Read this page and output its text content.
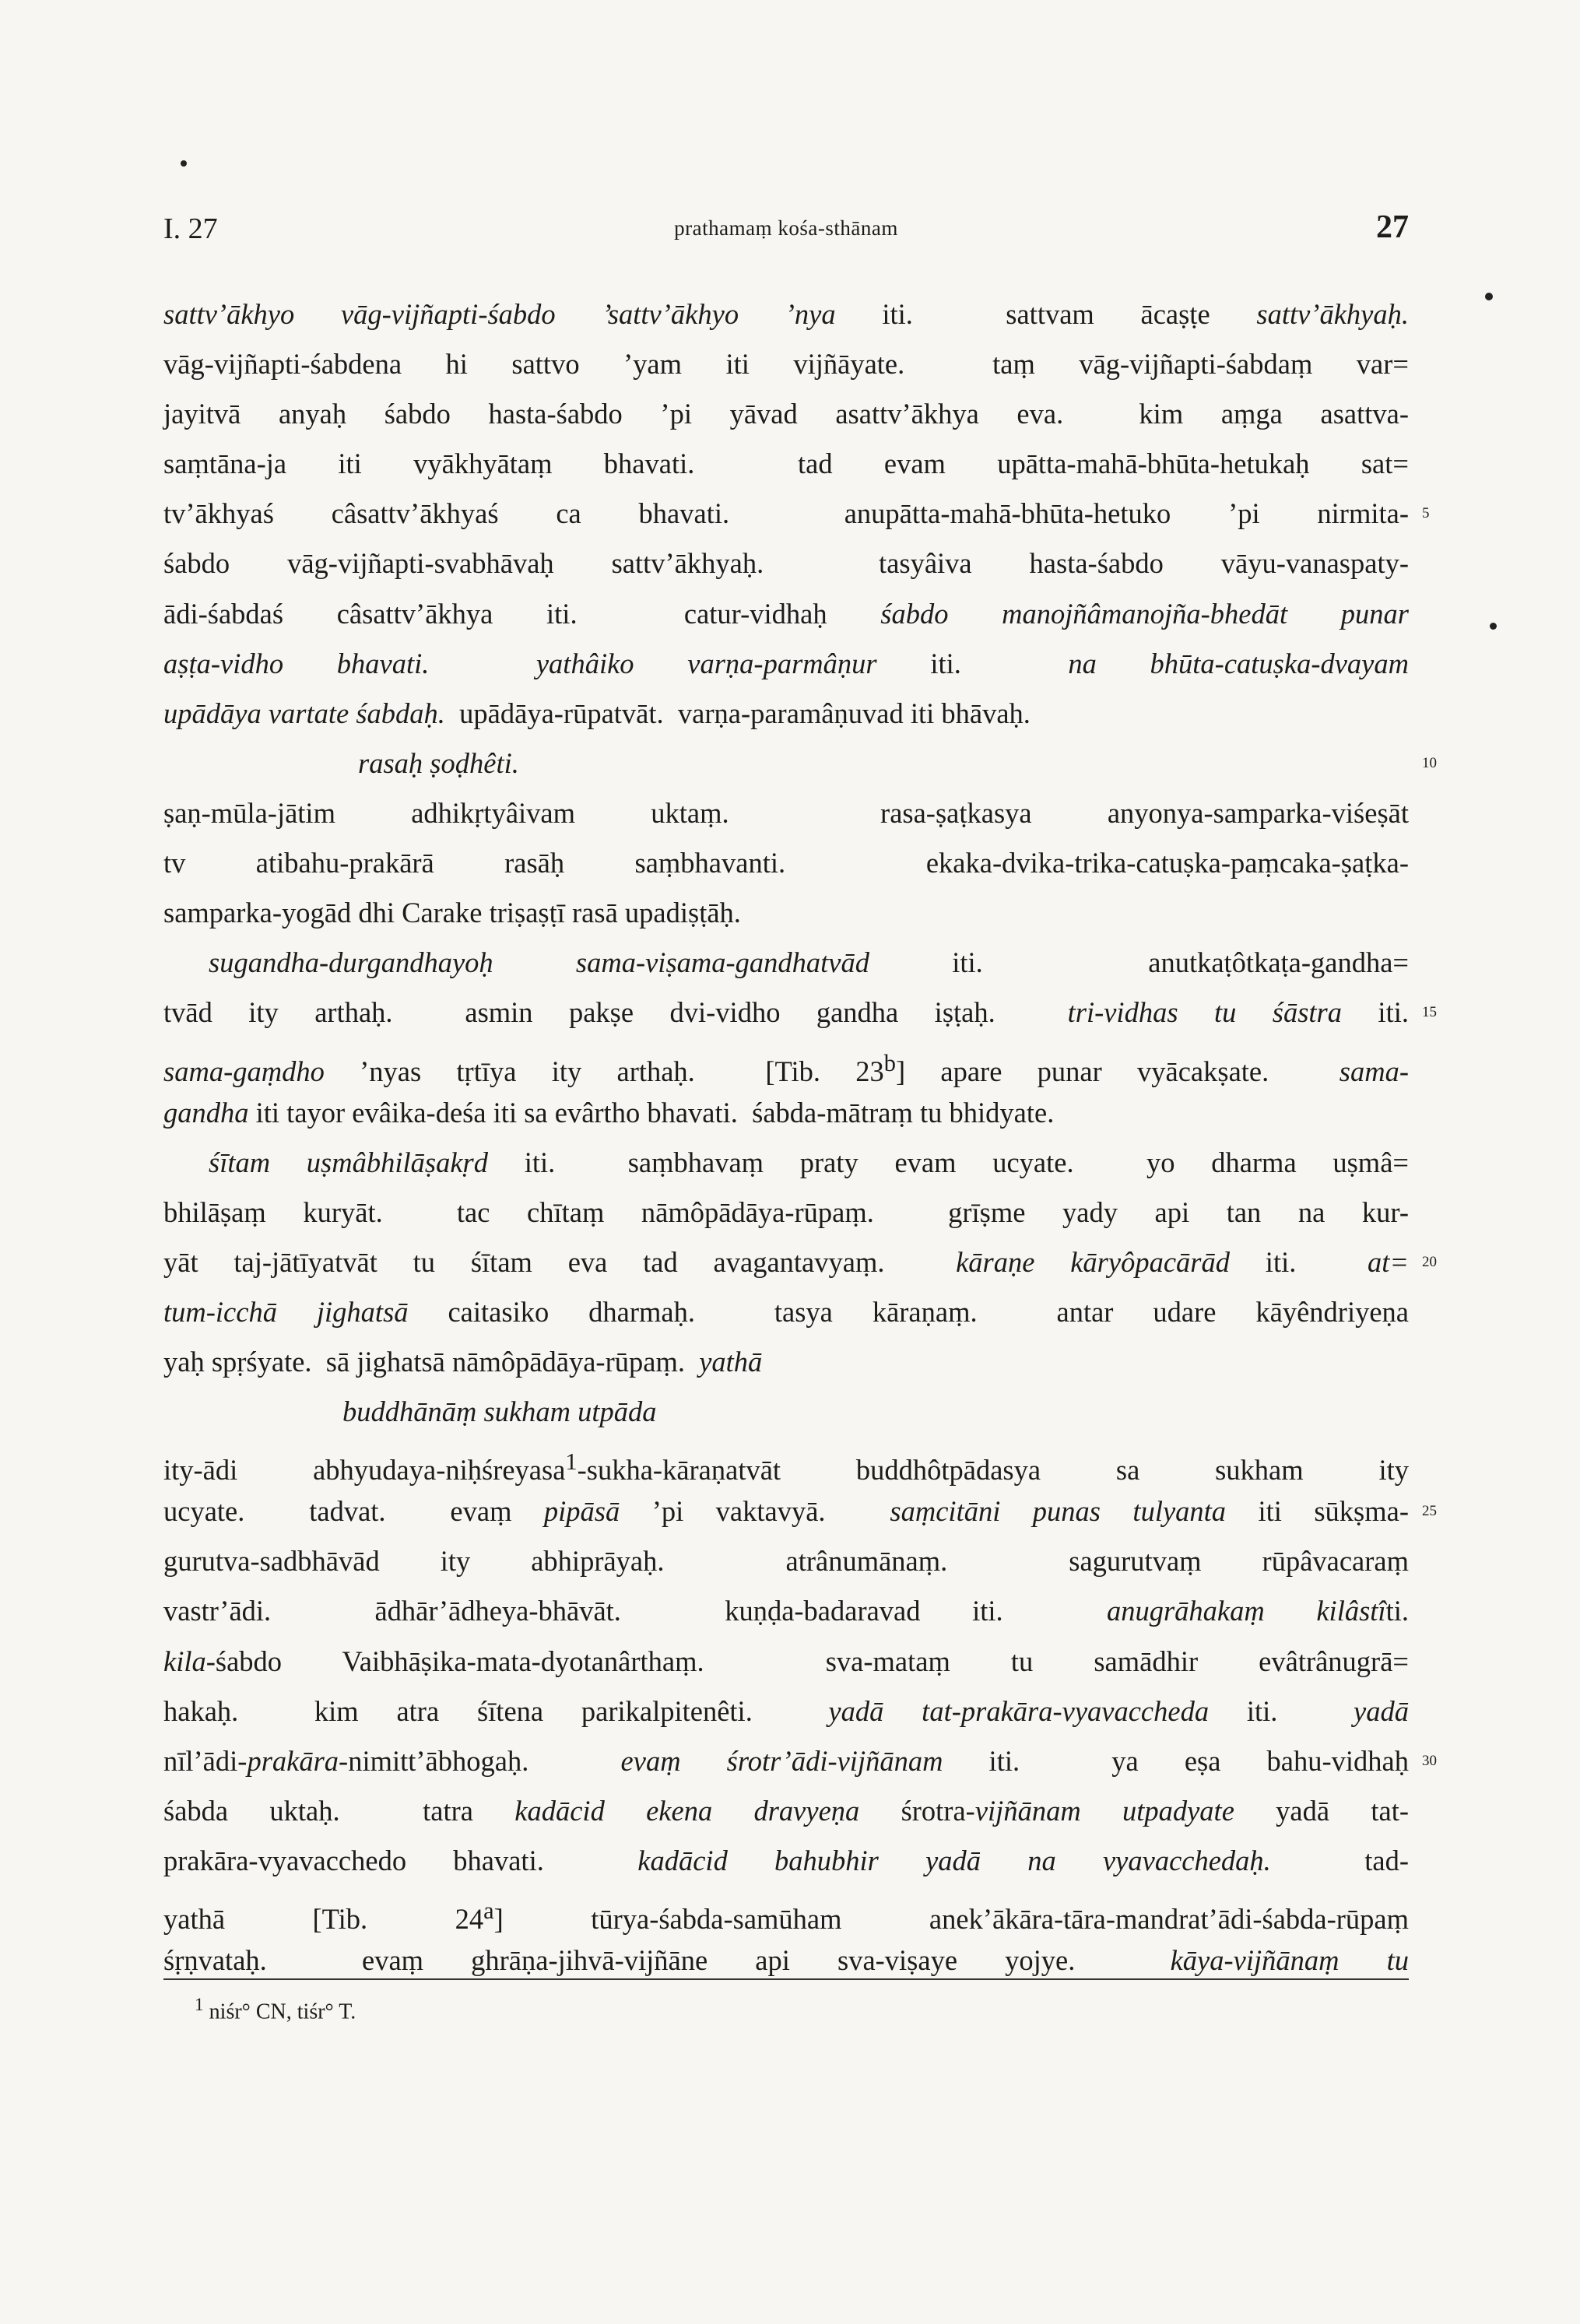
I. 27	prathamaṃ kośa-sthānam	27
sattv’ākhyo vāg-vijñapti-śabdo ’sattv’ākhyo ’nya iti.  sattvam ācaṣṭe sattv’ākhyaḥ.
vāg-vijñapti-śabdena hi sattvo ’yam iti vijñāyate.  taṃ vāg-vijñapti-śabdaṃ var=
jayitvā anyaḥ śabdo hasta-śabdo ’pi yāvad asattv’ākhya eva.  kim aṃga asattva-
saṃtāna-ja iti vyākhyātaṃ bhavati.  tad evam upātta-mahā-bhūta-hetukaḥ sat=
tv’ākhyaś câsattv’ākhyaś ca bhavati.  anupātta-mahā-bhūta-hetuko ’pi nirmita- 5
śabdo vāg-vijñapti-svabhāvaḥ sattv’ākhyaḥ.  tasyâiva hasta-śabdo vāyu-vanaspaty-
ādi-śabdaś câsattv’ākhya iti.  catur-vidhaḥ śabdo manojñâmanojña-bhedāt punar
aṣṭa-vidho bhavati.	yathâiko varṇa-parmâṇur iti.  na bhūta-catuṣka-dvayam
upādāya vartate śabdaḥ.  upādāya-rūpatvāt.  varṇa-paramâṇuvad iti bhāvaḥ.
rasaḥ ṣoḍhêti.	10
ṣaṇ-mūla-jātim adhikṛtyâivam uktaṃ.  rasa-ṣaṭkasya anyonya-samparka-viśeṣāt
tv atibahu-prakārā rasāḥ saṃbhavanti.  ekaka-dvika-trika-catuṣka-paṃcaka-ṣaṭka-
samparka-yogād dhi Carake triṣaṣṭī rasā upadiṣṭāḥ.
sugandha-durgandhayoḥ sama-viṣama-gandhatvād iti.  anutkaṭôtkaṭa-gandha=
tvād ity arthaḥ.  asmin pakṣe dvi-vidho gandha iṣṭaḥ.  tri-vidhas tu śāstra iti. 15
sama-gaṃdho ’nyas tṛtīya ity arthaḥ.  [Tib. 23$^b$] apare punar vyācakṣate.  sama-
gandha iti tayor evâika-deśa iti sa evârtho bhavati.  śabda-mātraṃ tu bhidyate.
śītam uṣmâbhilāṣakṛd iti.  saṃbhavaṃ praty evam ucyate.  yo dharma uṣmâ=
bhilāṣaṃ kuryāt.  tac chītaṃ nāmôpādāya-rūpaṃ.  grīṣme yady api tan na kur-
yāt taj-jātīyatvāt tu śītam eva tad avagantavyaṃ.  kāraṇe kāryôpacārād iti.  at= 20
tum-icchā jighatsā caitasiko dharmaḥ.  tasya kāraṇaṃ.  antar udare kāyêndriyeṇa
yaḥ spṛśyate.  sā jighatsā nāmôpādāya-rūpaṃ.  yathā
buddhānāṃ sukham utpāda
ity-ādi abhyudaya-niḥśreyasa$^1$-sukha-kāraṇatvāt buddhôtpādasya sa sukham ity
ucyate.  tadvat.  evaṃ pipāsā ’pi vaktavyā.  saṃcitāni punas tulyanta iti sūkṣma- 25
gurutva-sadbhāvād ity abhiprāyaḥ.  atrânumānaṃ.  sagurutvaṃ rūpâvacaraṃ
vastr’ādi.  ādhār’ādheya-bhāvāt.  kuṇḍa-badaravad iti.  anugrāhakaṃ kilâstîti.
kila-śabdo Vaibhāṣika-mata-dyotanârthaṃ.  sva-mataṃ tu samādhir evâtrânugrā=
hakaḥ.  kim atra śītena parikalpitenêti.  yadā tat-prakāra-vyavaccheda iti.  yadā
nīl’ādi-prakāra-nimitt’ābhogaḥ.  evaṃ śrotr’ādi-vijñānam iti.  ya eṣa bahu-vidhaḥ 30
śabda uktaḥ.  tatra kadācid ekena dravyeṇa śrotra-vijñānam utpadyate yadā tat-
prakāra-vyavacchedo bhavati.  kadācid bahubhir yadā na vyavacchedaḥ.  tad-
yathā [Tib. 24$^a$] tūrya-śabda-samūham anek’ākāra-tāra-mandrat’ādi-śabda-rūpaṃ
śṛṇvataḥ.  evaṃ ghrāṇa-jihvā-vijñāne api sva-viṣaye yojye.  kāya-vijñānaṃ tu
$^1$ niśr° CN, tiśr° T.
